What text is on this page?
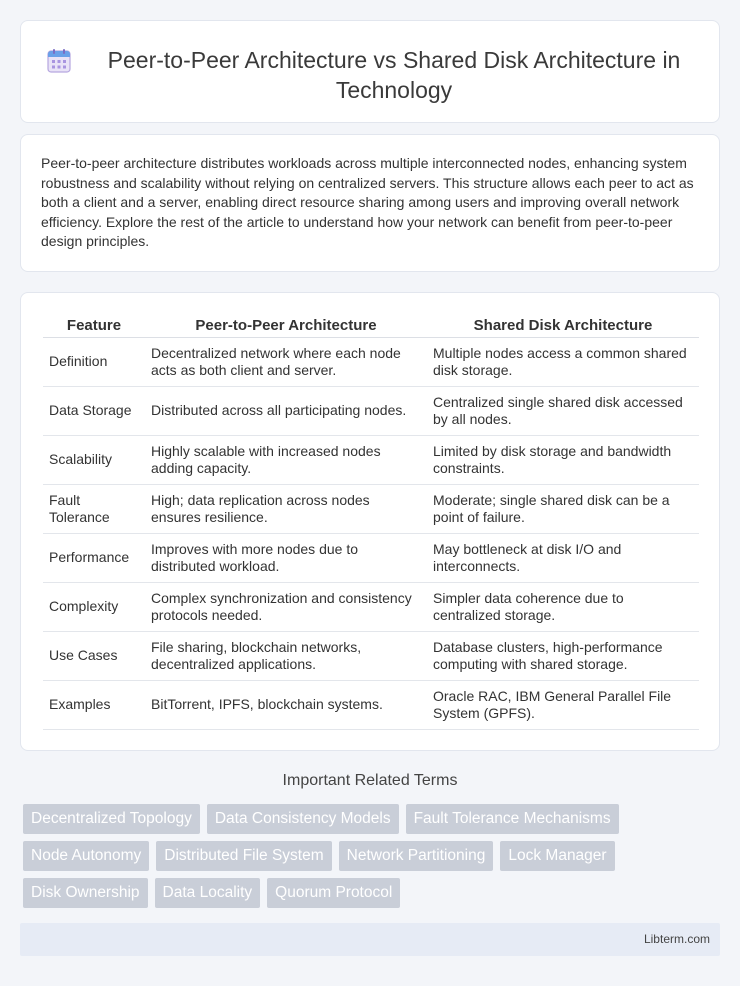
Peer-to-Peer Architecture vs Shared Disk Architecture in Technology

Peer-to-peer architecture distributes workloads across multiple interconnected nodes, enhancing system robustness and scalability without relying on centralized servers. This structure allows each peer to act as both a client and a server, enabling direct resource sharing among users and improving overall network efficiency. Explore the rest of the article to understand how your network can benefit from peer-to-peer design principles.

Feature	Peer-to-Peer Architecture	Shared Disk Architecture
Definition	Decentralized network where each node acts as both client and server.	Multiple nodes access a common shared disk storage.
Data Storage	Distributed across all participating nodes.	Centralized single shared disk accessed by all nodes.
Scalability	Highly scalable with increased nodes adding capacity.	Limited by disk storage and bandwidth constraints.
Fault Tolerance	High; data replication across nodes ensures resilience.	Moderate; single shared disk can be a point of failure.
Performance	Improves with more nodes due to distributed workload.	May bottleneck at disk I/O and interconnects.
Complexity	Complex synchronization and consistency protocols needed.	Simpler data coherence due to centralized storage.
Use Cases	File sharing, blockchain networks, decentralized applications.	Database clusters, high-performance computing with shared storage.
Examples	BitTorrent, IPFS, blockchain systems.	Oracle RAC, IBM General Parallel File System (GPFS).
Important Related Terms
Decentralized Topology	Data Consistency Models	Fault Tolerance Mechanisms
Node Autonomy	Distributed File System	Network Partitioning	Lock Manager
Disk Ownership	Data Locality	Quorum Protocol
Libterm.com
